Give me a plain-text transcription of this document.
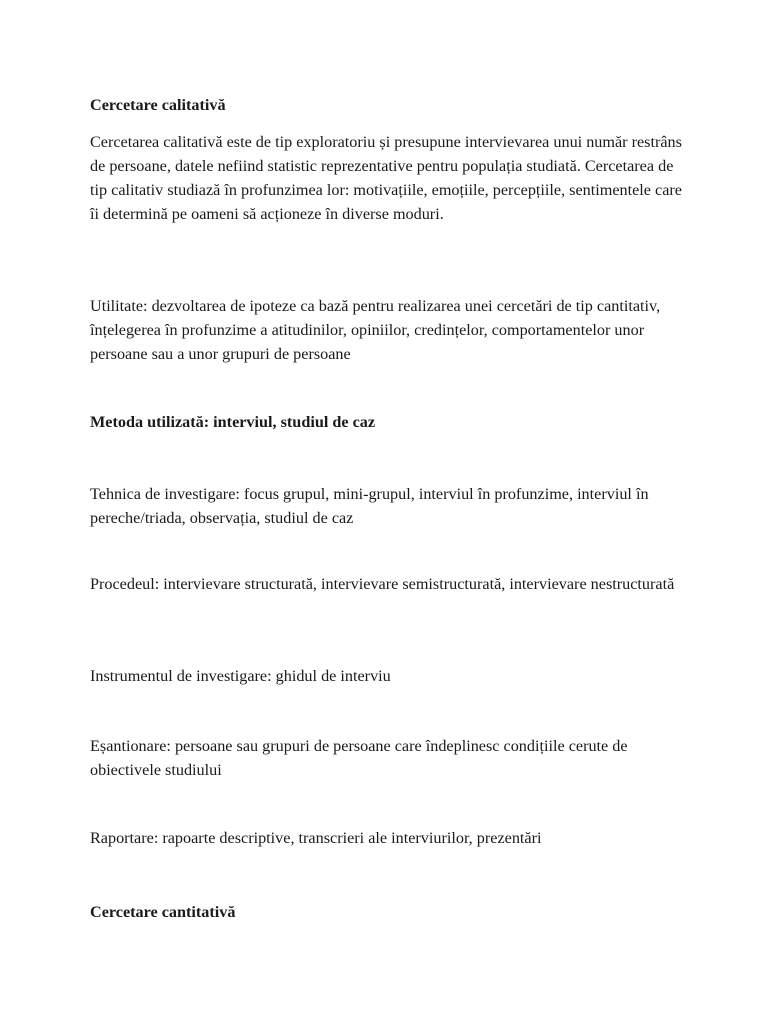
Cercetare calitativă

Cercetarea calitativă este de tip exploratoriu și presupune intervievarea unui număr restrâns de persoane, datele nefiind statistic reprezentative pentru populația studiată. Cercetarea de tip calitativ studiază în profunzimea lor: motivațiile, emoțiile, percepțiile, sentimentele care îi determină pe oameni să acționeze în diverse moduri.

Utilitate: dezvoltarea de ipoteze ca bază pentru realizarea unei cercetări de tip cantitativ, înțelegerea în profunzime a atitudinilor, opiniilor, credințelor, comportamentelor unor persoane sau a unor grupuri de persoane

Metoda utilizată: interviul, studiul de caz

Tehnica de investigare: focus grupul, mini-grupul, interviul în profunzime, interviul în pereche/triada, observația, studiul de caz

Procedeul: intervievare structurată, intervievare semistructurată, intervievare nestructurată

Instrumentul de investigare: ghidul de interviu

Eșantionare: persoane sau grupuri de persoane care îndeplinesc condițiile cerute de obiectivele studiului

Raportare: rapoarte descriptive, transcrieri ale interviurilor, prezentări

Cercetare cantitativă
